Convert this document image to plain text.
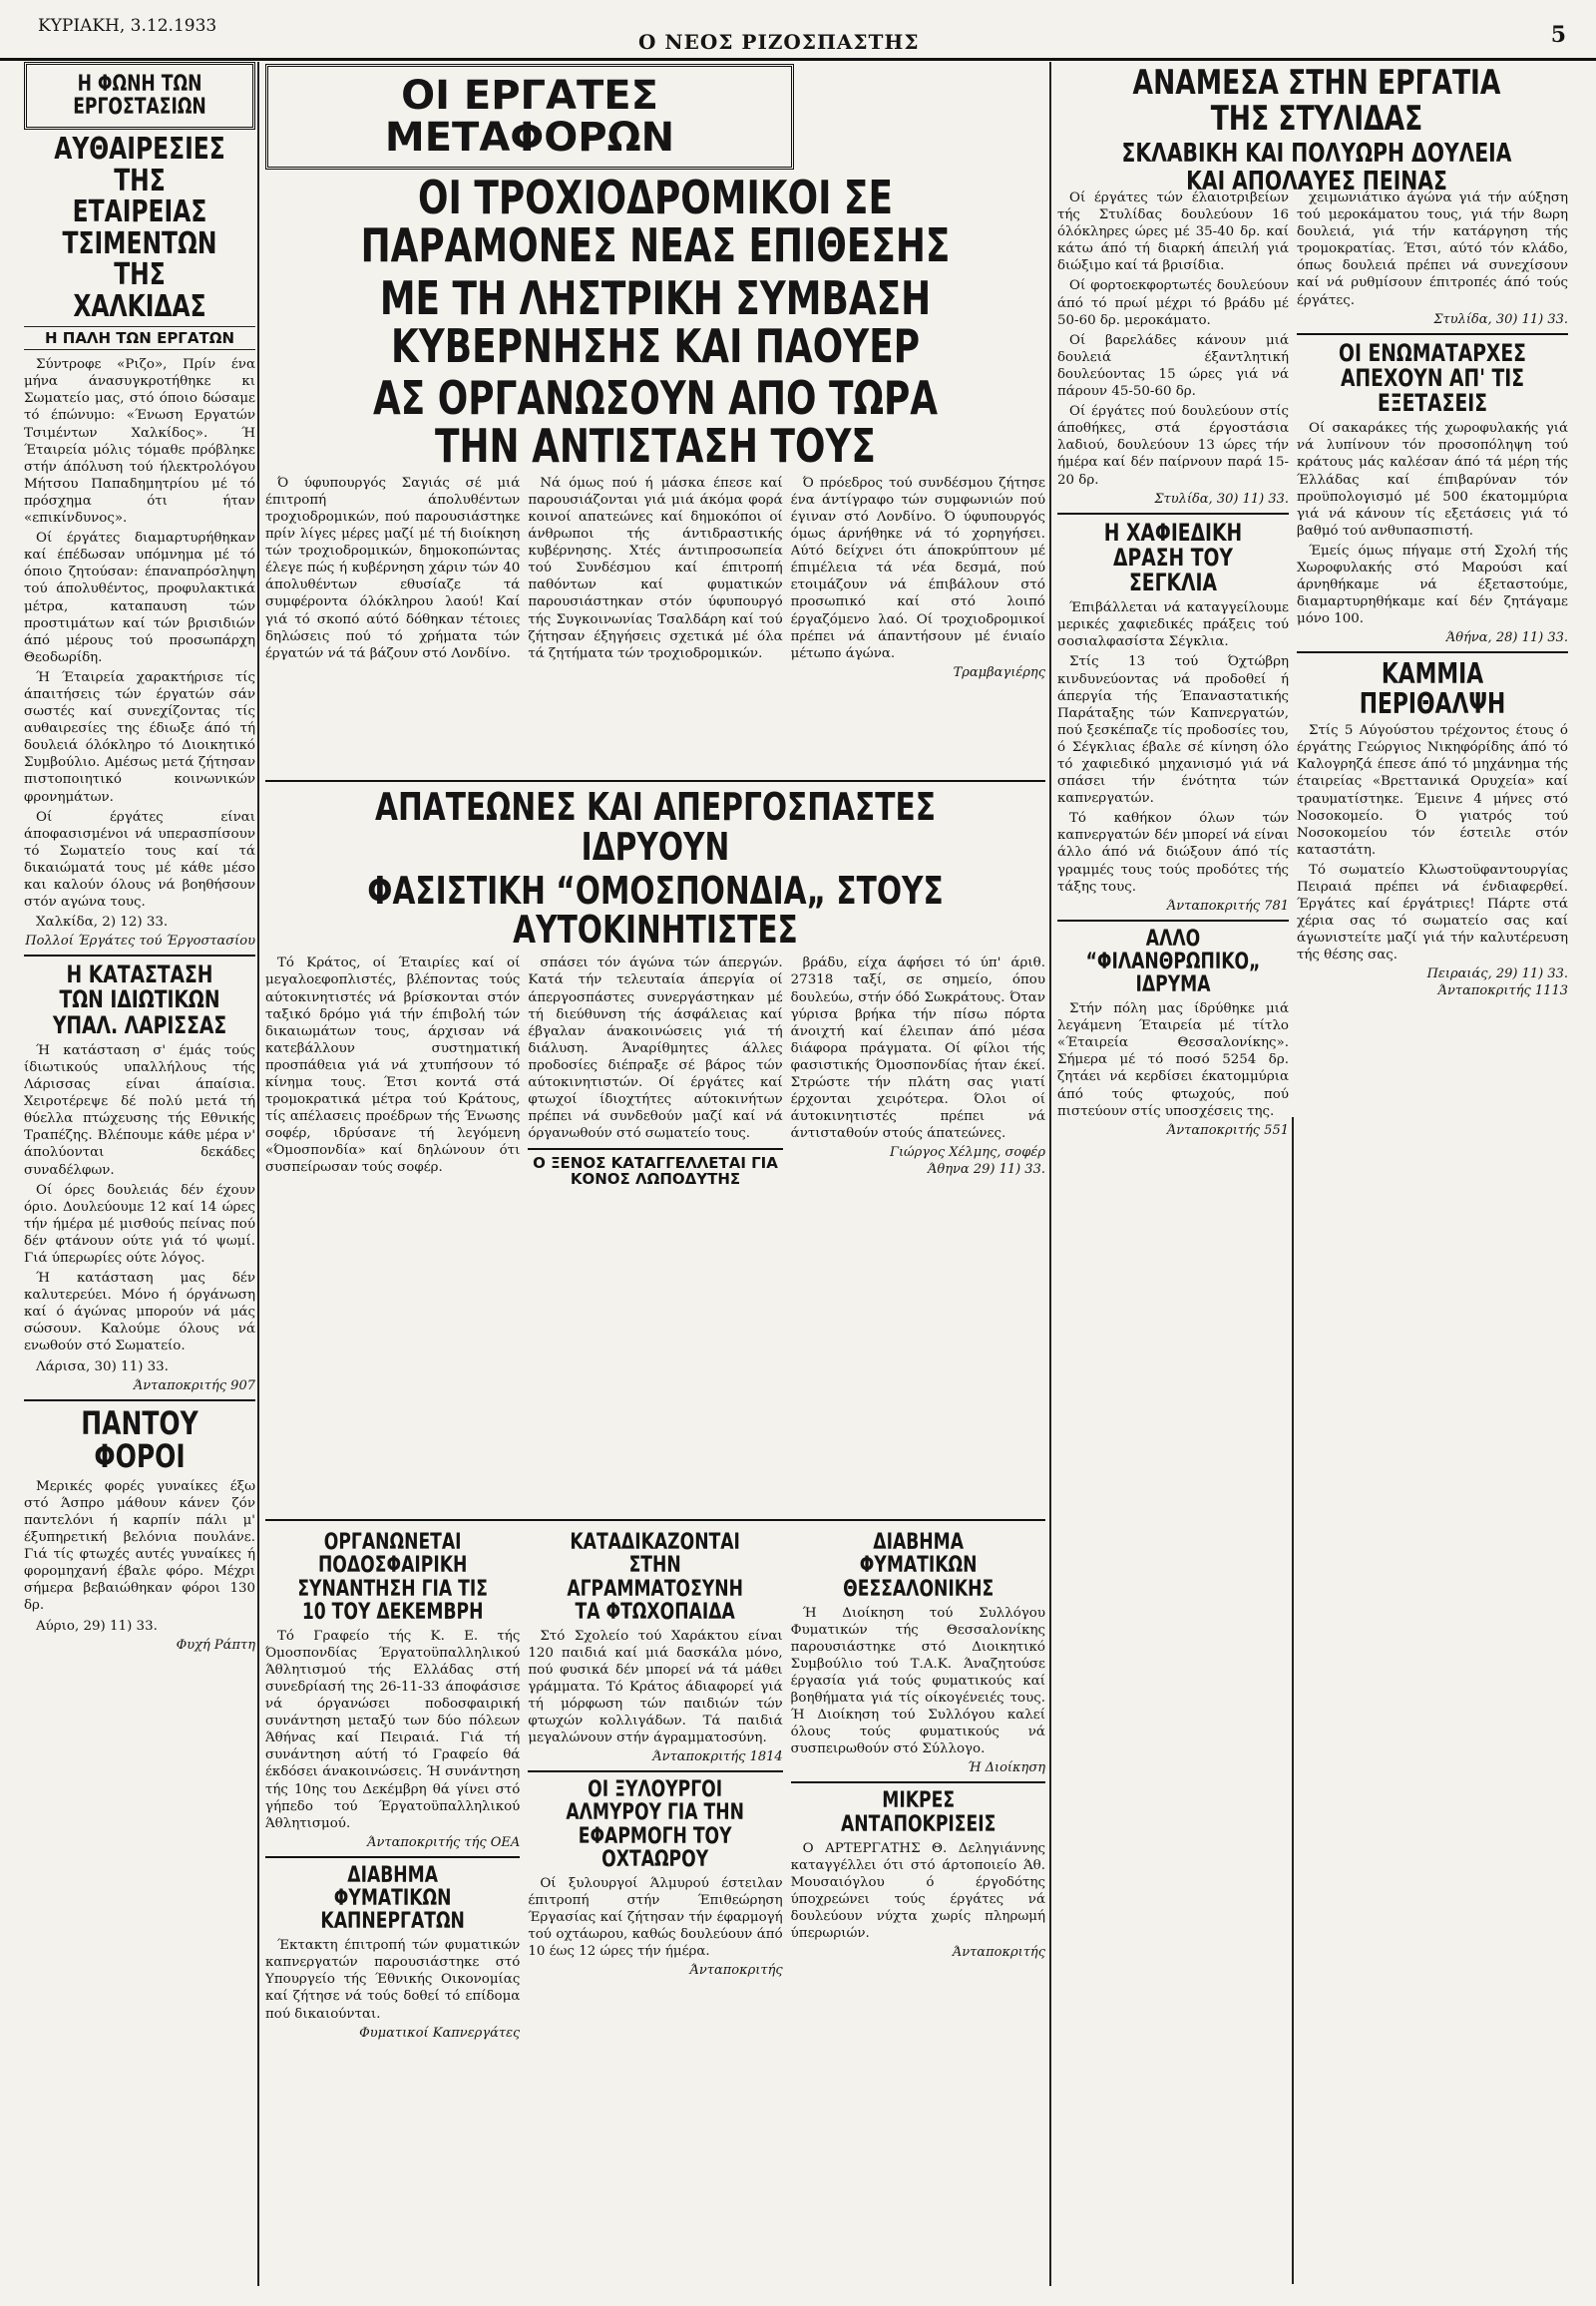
ΚΥΡΙΑΚΗ, 3.12.1933
Ο ΝΕΟΣ ΡΙΖΟΣΠΑΣΤΗΣ	5
Η ΦΩΝΗ ΤΩΝ ΕΡΓΟΣΤΑΣΙΩΝ
ΑΥΘΑΙΡΕΣΙΕΣ ΤΗΣ ΕΤΑΙΡΕΙΑΣ ΤΣΙΜΕΝΤΩΝ ΤΗΣ ΧΑΛΚΙΔΑΣ
Η ΠΑΛΗ ΤΩΝ ΕΡΓΑΤΩΝ

Σύντροφε «Ριζο», Πρίν ένα μήνα άνασυγκροτήθηκε κι Σωματείο μας, στό όποιο δώσαμε τό έπώνυμο: «Ένωση Εργατών Τσιμέντων Χαλκίδος». Ή Έταιρεία μόλις τόμαθε πρόβληκε στήν άπόλυση τού ήλεκτρολόγου Μήτσου Παπαδημητρίου μέ τό πρόσχημα ότι ήταν «επικίνδυνος».

Οί έργάτες διαμαρτυρήθηκαν καί έπέδωσαν υπόμνημα μέ τό όποιο ζητούσαν: έπαναπρόσληψη τού άπολυθέντος, προφυλακτικά μέτρα, καταπαυση τών προστιμάτων καί τών βρισιδιών άπό μέρους τού προσωπάρχη Θεοδωρίδη.

Ή Έταιρεία χαρακτήρισε τίς άπαιτήσεις τών έργατών σάν σωστές καί συνεχίζοντας τίς αυθαιρεσίες της έδιωξε άπό τή δουλειά όλόκληρο τό Διοικητικό Συμβούλιο. Αμέσως μετά ζήτησαν πιστοποιητικό κοινωνικών φρονημάτων.

Οί έργάτες είναι άποφασισμένοι νά υπερασπίσουν τό Σωματείο τους καί τά δικαιώματά τους μέ κάθε μέσο και καλούν όλους νά βοηθήσουν στόν αγώνα τους.

Χαλκίδα, 2) 12) 33.

Πολλοί Έργάτες τού Έργοστασίου
Η ΚΑΤΑΣΤΑΣΗ ΤΩΝ ΙΔΙΩΤΙΚΩΝ ΥΠΑΛ. ΛΑΡΙΣΣΑΣ

Ή κατάσταση σ' έμάς τούς ίδιωτικούς υπαλλήλους τής Λάρισσας είναι άπαίσια. Χειροτέρεψε δέ πολύ μετά τή θύελλα πτώχευσης τής Εθνικής Τραπέζης. Βλέπουμε κάθε μέρα ν' άπολύονται δεκάδες συναδέλφων.

Οί όρες δουλειάς δέν έχουν όριο. Δουλεύουμε 12 καί 14 ώρες τήν ήμέρα μέ μισθούς πείνας πού δέν φτάνουν ούτε γιά τό ψωμί. Γιά ύπερωρίες ούτε λόγος.

Ή κατάσταση μας δέν καλυτερεύει. Μόνο ή όργάνωση καί ό άγώνας μπορούν νά μάς σώσουν. Καλούμε όλους νά ενωθούν στό Σωματείο.

Λάρισα, 30) 11) 33.

Άνταποκριτής 907
ΠΑΝΤΟΥ ΦΟΡΟΙ

Μερικές φορές γυναίκες έξω στό Άσπρο μάθουν κάνεν ζόν παντελόνι ή καρπίν πάλι μ' έξυπηρετική βελόνια πουλάνε. Γιά τίς φτωχές αυτές γυναίκες ή φορομηχανή έβαλε φόρο. Μέχρι σήμερα βεβαιώθηκαν φόροι 130 δρ.

Αύριο, 29) 11) 33.

Φυχή Ράπτη
ΟΙ ΕΡΓΑΤΕΣ ΜΕΤΑΦΟΡΩΝ
ΟΙ ΤΡΟΧΙΟΔΡΟΜΙΚΟΙ ΣΕ ΠΑΡΑΜΟΝΕΣ ΝΕΑΣ ΕΠΙΘΕΣΗΣ
ΜΕ ΤΗ ΛΗΣΤΡΙΚΗ ΣΥΜΒΑΣΗ ΚΥΒΕΡΝΗΣΗΣ ΚΑΙ ΠΑΟΥΕΡ
ΑΣ ΟΡΓΑΝΩΣΟΥΝ ΑΠΟ ΤΩΡΑ ΤΗΝ ΑΝΤΙΣΤΑΣΗ ΤΟΥΣ

Ό ύφυπουργός Σαγιάς σέ μιά έπιτροπή άπολυθέντων τροχιοδρομικών, πού παρουσιάστηκε πρίν λίγες μέρες μαζί μέ τή διοίκηση τών τροχιοδρομικών, δημοκοπώντας έλεγε πώς ή κυβέρνηση χάριν τών 40 άπολυθέντων εθυσίαζε τά συμφέροντα όλόκληρου λαού! Καί γιά τό σκοπό αύτό δόθηκαν τέτοιες δηλώσεις πού τό χρήματα τών έργατών νά τά βάζουν στό Λονδίνο.

Νά όμως πού ή μάσκα έπεσε καί παρουσιάζονται γιά μιά άκόμα φορά κοινοί απατεώνες καί δημοκόποι οί άνθρωποι τής άντιδραστικής κυβέρνησης. Χτές άντιπροσωπεία τού Συνδέσμου καί έπιτροπή παθόντων καί φυματικών παρουσιάστηκαν στόν ύφυπουργό τής Συγκοινωνίας Τσαλδάρη καί τού ζήτησαν έξηγήσεις σχετικά μέ όλα τά ζητήματα τών τροχιοδρομικών.

Ό πρόεδρος τού συνδέσμου ζήτησε ένα άντίγραφο τών συμφωνιών πού έγιναν στό Λονδίνο. Ό ύφυπουργός όμως άρνήθηκε νά τό χορηγήσει. Αύτό δείχνει ότι άποκρύπτουν μέ έπιμέλεια τά νέα δεσμά, πού ετοιμάζουν νά έπιβάλουν στό προσωπικό καί στό λοιπό έργαζόμενο λαό. Οί τροχιοδρομικοί πρέπει νά άπαντήσουν μέ ένιαίο μέτωπο άγώνα.

Τραμβαγιέρης
ΑΠΑΤΕΩΝΕΣ ΚΑΙ ΑΠΕΡΓΟΣΠΑΣΤΕΣ ΙΔΡΥΟΥΝ
ΦΑΣΙΣΤΙΚΗ “ΟΜΟΣΠΟΝΔΙΑ„ ΣΤΟΥΣ ΑΥΤΟΚΙΝΗΤΙΣΤΕΣ

Τό Κράτος, οί Έταιρίες καί οί μεγαλοεφοπλιστές, βλέποντας τούς αύτοκινητιστές νά βρίσκονται στόν ταξικό δρόμο γιά τήν έπιβολή τών δικαιωμάτων τους, άρχισαν νά κατεβάλλουν συστηματική προσπάθεια γιά νά χτυπήσουν τό κίνημα τους. Έτσι κοντά στά τρομοκρατικά μέτρα τού Κράτους, τίς απέλασεις προέδρων τής Ένωσης σοφέρ, ιδρύσανε τή λεγόμενη «Όμοσπονδία» καί δηλώνουν ότι συσπείρωσαν τούς σοφέρ.

σπάσει τόν άγώνα τών άπεργών. Κατά τήν τελευταία άπεργία οί άπεργοσπάστες συνεργάστηκαν μέ τή διεύθυνση τής άσφάλειας καί έβγαλαν άνακοινώσεις γιά τή διάλυση. Άναρίθμητες άλλες προδοσίες διέπραξε σέ βάρος τών αύτοκινητιστών. Οί έργάτες καί φτωχοί ίδιοχτήτες αύτοκινήτων πρέπει νά συνδεθούν μαζί καί νά όργανωθούν στό σωματείο τους.

Ο ΞΕΝΟΣ ΚΑΤΑΓΓΕΛΛΕΤΑΙ ΓΙΑ ΚΟΝΟΣ ΛΩΠΟΔΥΤΗΣ

βράδυ, είχα άφήσει τό ύπ' άριθ. 27318 ταξί, σε σημείο, όπου δουλεύω, στήν όδό Σωκράτους. Όταν γύρισα βρήκα τήν πίσω πόρτα άνοιχτή καί έλειπαν άπό μέσα διάφορα πράγματα. Οί φίλοι τής φασιστικής Όμοσπονδίας ήταν έκεί. Στρώστε τήν πλάτη σας γιατί έρχονται χειρότερα. Όλοι οί άυτοκινητιστές πρέπει νά άντισταθούν στούς άπατεώνες.

Γιώργος Χέλμης, σοφέρ
Άθηνα 29) 11) 33.
ΟΡΓΑΝΩΝΕΤΑΙ ΠΟΔΟΣΦΑΙΡΙΚΗ ΣΥΝΑΝΤΗΣΗ ΓΙΑ ΤΙΣ 10 ΤΟΥ ΔΕΚΕΜΒΡΗ

Τό Γραφείο τής Κ. Ε. τής Όμοσπονδίας Έργατοϋπαλληλικού Άθλητισμού τής Ελλάδας στή συνεδρίασή της 26-11-33 άποφάσισε νά όργανώσει ποδοσφαιρική συνάντηση μεταξύ των δύο πόλεων Άθήνας καί Πειραιά. Γιά τή συνάντηση αύτή τό Γραφείο θά έκδόσει άνακοινώσεις. Ή συνάντηση τής 10ης του Δεκέμβρη θά γίνει στό γήπεδο τού Έργατοϋπαλληλικού Άθλητισμού.

Άνταποκριτής τής ΟΕΑ
ΔΙΑΒΗΜΑ ΦΥΜΑΤΙΚΩΝ ΚΑΠΝΕΡΓΑΤΩΝ

Έκτακτη έπιτροπή τών φυματικών καπνεργατών παρουσιάστηκε στό Υπουργείο τής Έθνικής Οικονομίας καί ζήτησε νά τούς δοθεί τό επίδομα πού δικαιούνται.

Φυματικοί Καπνεργάτες
ΚΑΤΑΔΙΚΑΖΟΝΤΑΙ ΣΤΗΝ ΑΓΡΑΜΜΑΤΟΣΥΝΗ ΤΑ ΦΤΩΧΟΠΑΙΔΑ

Στό Σχολείο τού Χαράκτου είναι 120 παιδιά καί μιά δασκάλα μόνο, πού φυσικά δέν μπορεί νά τά μάθει γράμματα. Τό Κράτος άδιαφορεί γιά τή μόρφωση τών παιδιών τών φτωχών κολλιγάδων. Τά παιδιά μεγαλώνουν στήν άγραμματοσύνη.

Άνταποκριτής 1814
ΟΙ ΞΥΛΟΥΡΓΟΙ ΑΛΜΥΡΟΥ ΓΙΑ ΤΗΝ ΕΦΑΡΜΟΓΗ ΤΟΥ ΟΧΤΑΩΡΟΥ

Οί ξυλουργοί Άλμυρού έστειλαν έπιτροπή στήν Έπιθεώρηση Έργασίας καί ζήτησαν τήν έφαρμογή τού οχτάωρου, καθώς δουλεύουν άπό 10 έως 12 ώρες τήν ήμέρα.

Άνταποκριτής
ΔΙΑΒΗΜΑ ΦΥΜΑΤΙΚΩΝ ΘΕΣΣΑΛΟΝΙΚΗΣ

Ή Διοίκηση τού Συλλόγου Φυματικών τής Θεσσαλονίκης παρουσιάστηκε στό Διοικητικό Συμβούλιο τού Τ.Α.Κ. Άναζητούσε έργασία γιά τούς φυματικούς καί βοηθήματα γιά τίς οίκογένειές τους. Ή Διοίκηση τού Συλλόγου καλεί όλους τούς φυματικούς νά συσπειρωθούν στό Σύλλογο.

Ή Διοίκηση
ΜΙΚΡΕΣ ΑΝΤΑΠΟΚΡΙΣΕΙΣ

Ο ΑΡΤΕΡΓΑΤΗΣ Θ. Δεληγιάννης καταγγέλλει ότι στό άρτοποιείο Άθ. Μουσαιόγλου ό έργοδότης ύποχρεώνει τούς έργάτες νά δουλεύουν νύχτα χωρίς πληρωμή ύπερωριών.

Άνταποκριτής
ΑΝΑΜΕΣΑ ΣΤΗΝ ΕΡΓΑΤΙΑ ΤΗΣ ΣΤΥΛΙΔΑΣ
ΣΚΛΑΒΙΚΗ ΚΑΙ ΠΟΛΥΩΡΗ ΔΟΥΛΕΙΑ ΚΑΙ ΑΠΟΛΑΥΕΣ ΠΕΙΝΑΣ

Οί έργάτες τών έλαιοτριβείων τής Στυλίδας δουλεύουν 16 όλόκληρες ώρες μέ 35-40 δρ. καί κάτω άπό τή διαρκή άπειλή γιά διώξιμο καί τά βρισίδια.

Οί φορτοεκφορτωτές δουλεύουν άπό τό πρωί μέχρι τό βράδυ μέ 50-60 δρ. μεροκάματο.

Οί βαρελάδες κάνουν μιά δουλειά έξαντλητική δουλεύοντας 15 ώρες γιά νά πάρουν 45-50-60 δρ.

Οί έργάτες πού δουλεύουν στίς άποθήκες, στά έργοστάσια λαδιού, δουλεύουν 13 ώρες τήν ήμέρα καί δέν παίρνουν παρά 15-20 δρ.

Στυλίδα, 30) 11) 33.
Η ΧΑΦΙΕΔΙΚΗ ΔΡΑΣΗ ΤΟΥ ΣΕΓΚΛΙΑ

Έπιβάλλεται νά καταγγείλουμε μερικές χαφιεδικές πράξεις τού σοσιαλφασίστα Σέγκλια.

Στίς 13 τού Όχτώβρη κινδυνεύοντας νά προδοθεί ή άπεργία τής Έπαναστατικής Παράταξης τών Καπνεργατών, πού ξεσκέπαζε τίς προδοσίες του, ό Σέγκλιας έβαλε σέ κίνηση όλο τό χαφιεδικό μηχανισμό γιά νά σπάσει τήν ένότητα τών καπνεργατών.

Τό καθήκον όλων τών καπνεργατών δέν μπορεί νά είναι άλλο άπό νά διώξουν άπό τίς γραμμές τους τούς προδότες τής τάξης τους.

Άνταποκριτής 781
ΑΛΛΟ “ΦΙΛΑΝΘΡΩΠΙΚΟ„ ΙΔΡΥΜΑ

Στήν πόλη μας ίδρύθηκε μιά λεγάμενη Έταιρεία μέ τίτλο «Έταιρεία Θεσσαλονίκης». Σήμερα μέ τό ποσό 5254 δρ. ζητάει νά κερδίσει έκατομμύρια άπό τούς φτωχούς, πού πιστεύουν στίς υποσχέσεις της.

Άνταποκριτής 551

χειμωνιάτικο άγώνα γιά τήν αύξηση τού μεροκάματου τους, γιά τήν 8ωρη δουλειά, γιά τήν κατάργηση τής τρομοκρατίας. Έτσι, αύτό τόν κλάδο, όπως δουλειά πρέπει νά συνεχίσουν καί νά ρυθμίσουν έπιτροπές άπό τούς έργάτες.

Στυλίδα, 30) 11) 33.
ΟΙ ΕΝΩΜΑΤΑΡΧΕΣ ΑΠΕΧΟΥΝ ΑΠ' ΤΙΣ ΕΞΕΤΑΣΕΙΣ

Οί σακαράκες τής χωροφυλακής γιά νά λυπίνουν τόν προσοπόληψη τού κράτους μάς καλέσαν άπό τά μέρη τής Έλλάδας καί έπιβαρύναν τόν προϋπολογισμό μέ 500 έκατομμύρια γιά νά κάνουν τίς εξετάσεις γιά τό βαθμό τού ανθυπασπιστή.

Έμείς όμως πήγαμε στή Σχολή τής Χωροφυλακής στό Μαρούσι καί άρνηθήκαμε νά έξεταστούμε, διαμαρτυρηθήκαμε καί δέν ζητάγαμε μόνο 100.

Άθήνα, 28) 11) 33.
ΚΑΜΜΙΑ ΠΕΡΙΘΑΛΨΗ

Στίς 5 Αύγούστου τρέχοντος έτους ό έργάτης Γεώργιος Νικηφόρίδης άπό τό Καλογρηζά έπεσε άπό τό μηχάνημα τής έταιρείας «Βρεττανικά Ορυχεία» καί τραυματίστηκε. Έμεινε 4 μήνες στό Νοσοκομείο. Ό γιατρός τού Νοσοκομείου τόν έστειλε στόν καταστάτη.

Τό σωματείο Κλωστοϋφαντουργίας Πειραιά πρέπει νά ένδιαφερθεί. Έργάτες καί έργάτριες! Πάρτε στά χέρια σας τό σωματείο σας καί άγωνιστείτε μαζί γιά τήν καλυτέρευση τής θέσης σας.

Πειραιάς, 29) 11) 33.
Άνταποκριτής 1113
